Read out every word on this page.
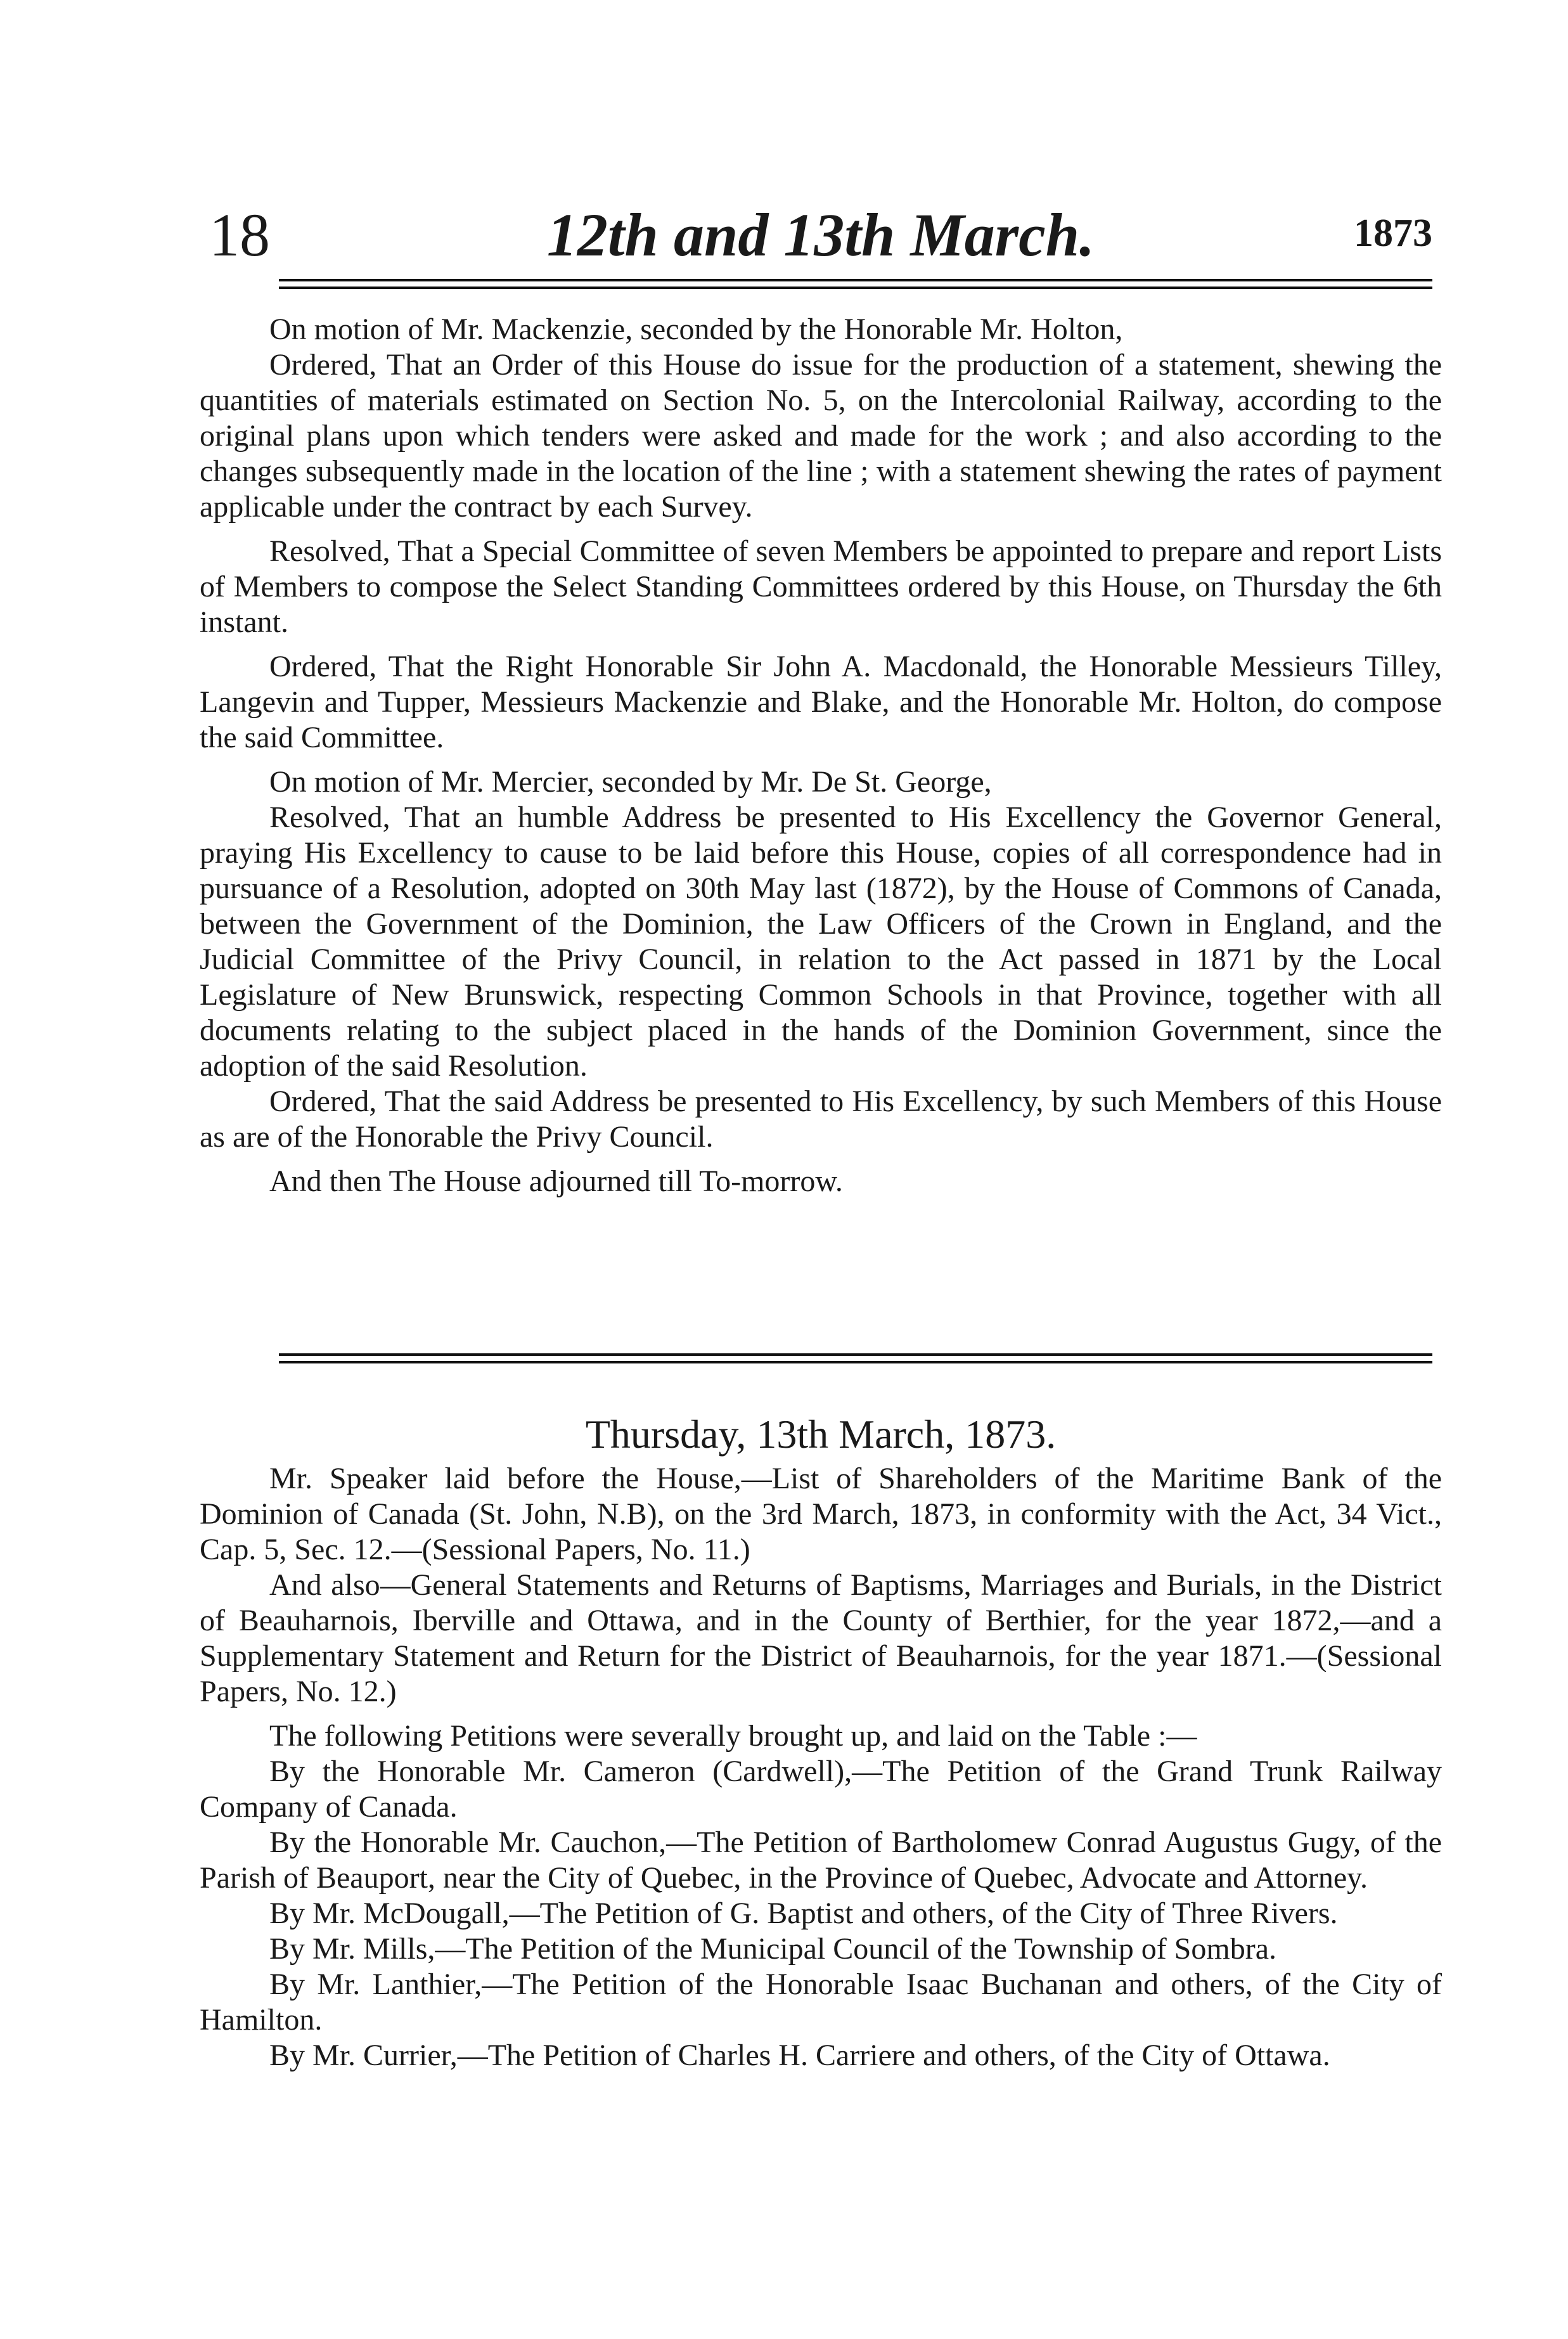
18	12th and 13th March.	1873

On motion of Mr. Mackenzie, seconded by the Honorable Mr. Holton,

Ordered, That an Order of this House do issue for the production of a statement, shewing the quantities of materials estimated on Section No. 5, on the Intercolonial Railway, according to the original plans upon which tenders were asked and made for the work ; and also according to the changes subsequently made in the location of the line ; with a statement shewing the rates of payment applicable under the contract by each Survey.

Resolved, That a Special Committee of seven Members be appointed to prepare and report Lists of Members to compose the Select Standing Committees ordered by this House, on Thursday the 6th instant.

Ordered, That the Right Honorable Sir John A. Macdonald, the Honorable Messieurs Tilley, Langevin and Tupper, Messieurs Mackenzie and Blake, and the Honorable Mr. Holton, do compose the said Committee.

On motion of Mr. Mercier, seconded by Mr. De St. George,

Resolved, That an humble Address be presented to His Excellency the Governor General, praying His Excellency to cause to be laid before this House, copies of all correspondence had in pursuance of a Resolution, adopted on 30th May last (1872), by the House of Commons of Canada, between the Government of the Dominion, the Law Officers of the Crown in England, and the Judicial Committee of the Privy Council, in relation to the Act passed in 1871 by the Local Legislature of New Brunswick, respecting Common Schools in that Province, together with all documents relating to the subject placed in the hands of the Dominion Government, since the adoption of the said Resolution.

Ordered, That the said Address be presented to His Excellency, by such Members of this House as are of the Honorable the Privy Council.

And then The House adjourned till To-morrow.

Thursday, 13th March, 1873.

Mr. Speaker laid before the House,—List of Shareholders of the Maritime Bank of the Dominion of Canada (St. John, N.B), on the 3rd March, 1873, in conformity with the Act, 34 Vict., Cap. 5, Sec. 12.—(Sessional Papers, No. 11.)

And also—General Statements and Returns of Baptisms, Marriages and Burials, in the District of Beauharnois, Iberville and Ottawa, and in the County of Berthier, for the year 1872,—and a Supplementary Statement and Return for the District of Beauharnois, for the year 1871.—(Sessional Papers, No. 12.)

The following Petitions were severally brought up, and laid on the Table :—

By the Honorable Mr. Cameron (Cardwell),—The Petition of the Grand Trunk Railway Company of Canada.

By the Honorable Mr. Cauchon,—The Petition of Bartholomew Conrad Augustus Gugy, of the Parish of Beauport, near the City of Quebec, in the Province of Quebec, Advocate and Attorney.

By Mr. McDougall,—The Petition of G. Baptist and others, of the City of Three Rivers.

By Mr. Mills,—The Petition of the Municipal Council of the Township of Sombra.

By Mr. Lanthier,—The Petition of the Honorable Isaac Buchanan and others, of the City of Hamilton.

By Mr. Currier,—The Petition of Charles H. Carriere and others, of the City of Ottawa.
